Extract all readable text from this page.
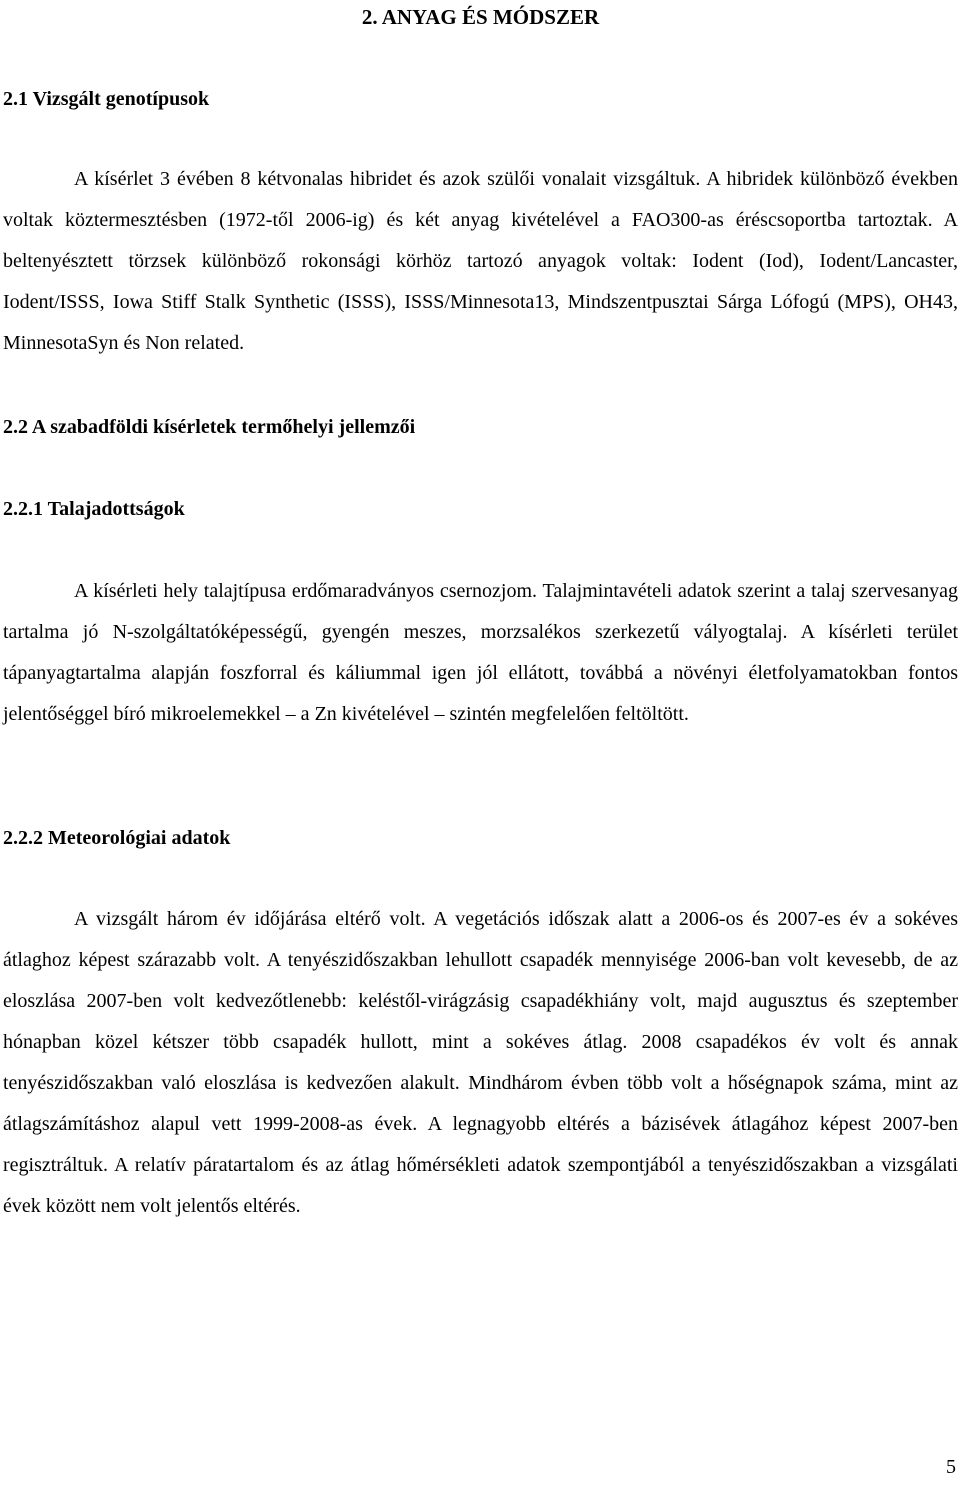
2. ANYAG ÉS MÓDSZER
2.1 Vizsgált genotípusok

A kísérlet 3 évében 8 kétvonalas hibridet és azok szülői vonalait vizsgáltuk. A hibridek különböző években voltak köztermesztésben (1972-től 2006-ig) és két anyag kivételével a FAO300-as éréscsoportba tartoztak. A beltenyésztett törzsek különböző rokonsági körhöz tartozó anyagok voltak: Iodent (Iod), Iodent/Lancaster, Iodent/ISSS, Iowa Stiff Stalk Synthetic (ISSS), ISSS/Minnesota13, Mindszentpusztai Sárga Lófogú (MPS), OH43, MinnesotaSyn és Non related.

2.2 A szabadföldi kísérletek termőhelyi jellemzői
2.2.1 Talajadottságok

A kísérleti hely talajtípusa erdőmaradványos csernozjom. Talajmintavételi adatok szerint a talaj szervesanyag tartalma jó N-szolgáltatóképességű, gyengén meszes, morzsalékos szerkezetű vályogtalaj. A kísérleti terület tápanyagtartalma alapján foszforral és káliummal igen jól ellátott, továbbá a növényi életfolyamatokban fontos jelentőséggel bíró mikroelemekkel – a Zn kivételével – szintén megfelelően feltöltött.

2.2.2 Meteorológiai adatok

A vizsgált három év időjárása eltérő volt. A vegetációs időszak alatt a 2006-os és 2007-es év a sokéves átlaghoz képest szárazabb volt. A tenyészidőszakban lehullott csapadék mennyisége 2006-ban volt kevesebb, de az eloszlása 2007-ben volt kedvezőtlenebb: keléstől-virágzásig csapadékhiány volt, majd augusztus és szeptember hónapban közel kétszer több csapadék hullott, mint a sokéves átlag. 2008 csapadékos év volt és annak tenyészidőszakban való eloszlása is kedvezően alakult. Mindhárom évben több volt a hőségnapok száma, mint az átlagszámításhoz alapul vett 1999-2008-as évek. A legnagyobb eltérés a bázisévek átlagához képest 2007-ben regisztráltuk. A relatív páratartalom és az átlag hőmérsékleti adatok szempontjából a tenyészidőszakban a vizsgálati évek között nem volt jelentős eltérés.

5
